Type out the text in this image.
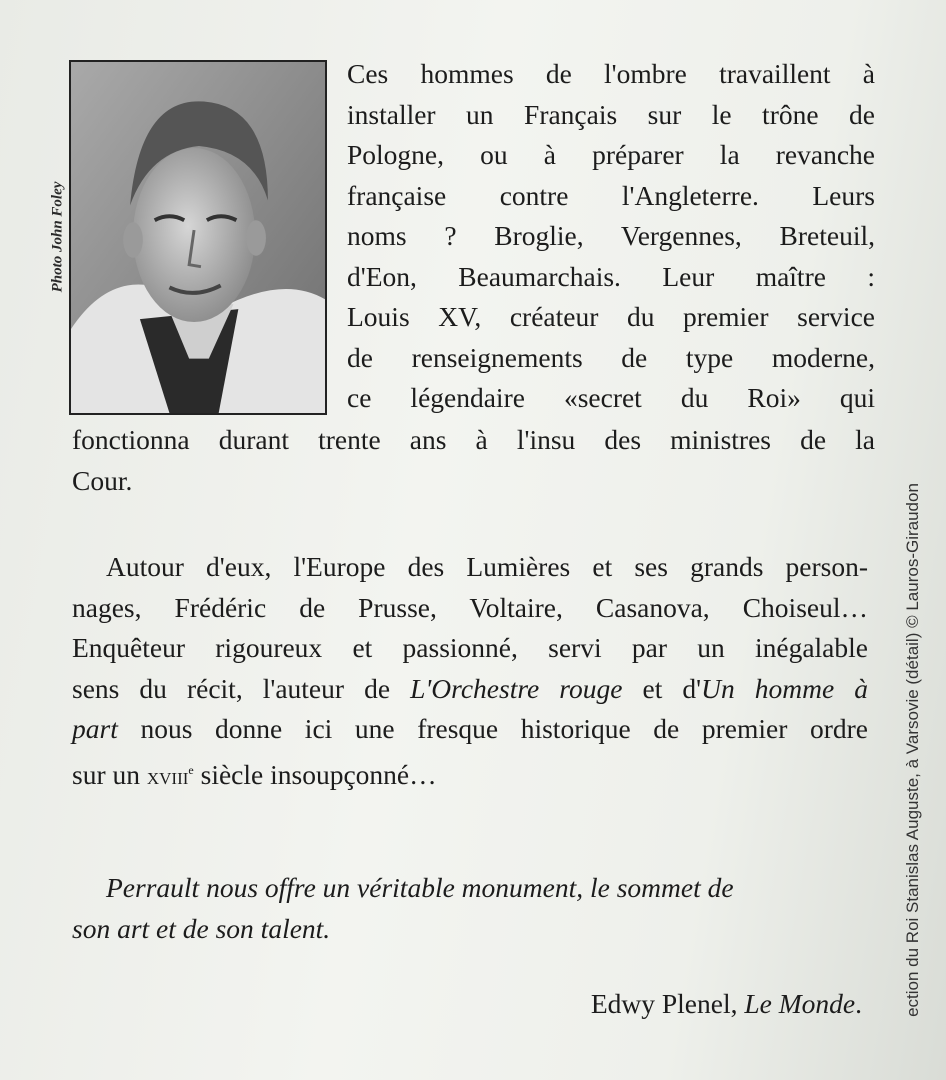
Photo John Foley
ection du Roi Stanislas Auguste, à Varsovie (détail) © Lauros-Giraudon

Ces hommes de l'ombre travaillent à

installer un Français sur le trône de

Pologne, ou à préparer la revanche

française contre l'Angleterre. Leurs

noms ? Broglie, Vergennes, Breteuil,

d'Eon, Beaumarchais. Leur maître :

Louis XV, créateur du premier service

de renseignements de type moderne,

ce légendaire «secret du Roi» qui

fonctionna durant trente ans à l'insu des ministres de la

Cour.

Autour d'eux, l'Europe des Lumières et ses grands person-

nages, Frédéric de Prusse, Voltaire, Casanova, Choiseul…

Enquêteur rigoureux et passionné, servi par un inégalable

sens du récit, l'auteur de L'Orchestre rouge et d'Un homme à

part nous donne ici une fresque historique de premier ordre

sur un xviii$^e$ siècle insoupçonné…

Perrault nous offre un véritable monument, le sommet de

son art et de son talent.

Edwy Plenel, Le Monde.
